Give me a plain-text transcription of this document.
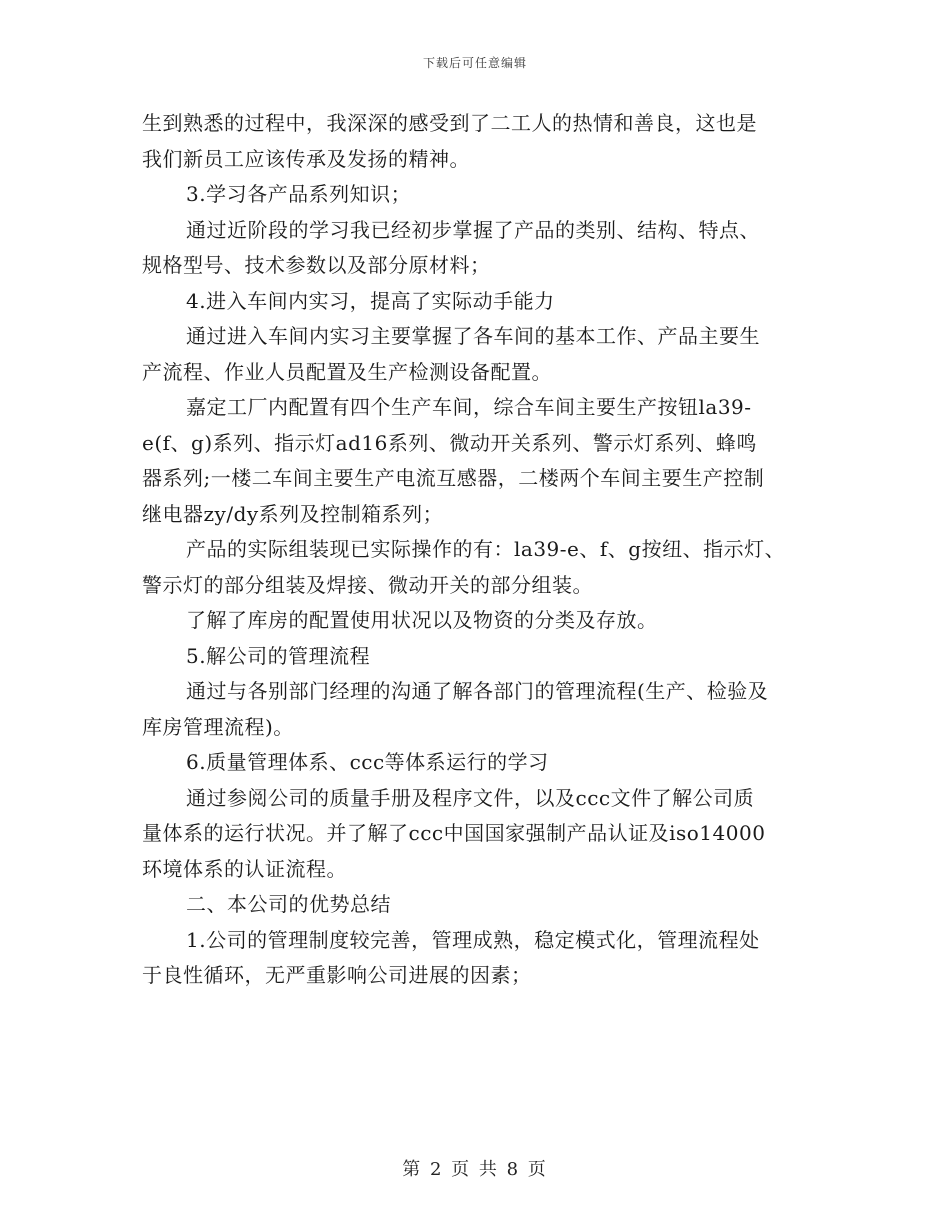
下载后可任意编辑

生到熟悉的过程中，我深深的感受到了二工人的热情和善良，这也是

我们新员工应该传承及发扬的精神。

3.学习各产品系列知识；

通过近阶段的学习我已经初步掌握了产品的类别、结构、特点、

规格型号、技术参数以及部分原材料；

4.进入车间内实习，提高了实际动手能力

通过进入车间内实习主要掌握了各车间的基本工作、产品主要生

产流程、作业人员配置及生产检测设备配置。

嘉定工厂内配置有四个生产车间，综合车间主要生产按钮la39-

e(f、g)系列、指示灯ad16系列、微动开关系列、警示灯系列、蜂鸣

器系列;一楼二车间主要生产电流互感器，二楼两个车间主要生产控制

继电器zy/dy系列及控制箱系列；

产品的实际组装现已实际操作的有：la39-e、f、g按纽、指示灯、

警示灯的部分组装及焊接、微动开关的部分组装。

了解了库房的配置使用状况以及物资的分类及存放。

5.解公司的管理流程

通过与各别部门经理的沟通了解各部门的管理流程(生产、检验及

库房管理流程)。

6.质量管理体系、ccc等体系运行的学习

通过参阅公司的质量手册及程序文件，以及ccc文件了解公司质

量体系的运行状况。并了解了ccc中国国家强制产品认证及iso14000

环境体系的认证流程。

二、本公司的优势总结

1.公司的管理制度较完善，管理成熟，稳定模式化，管理流程处

于良性循环，无严重影响公司进展的因素；

第 2 页 共 8 页
